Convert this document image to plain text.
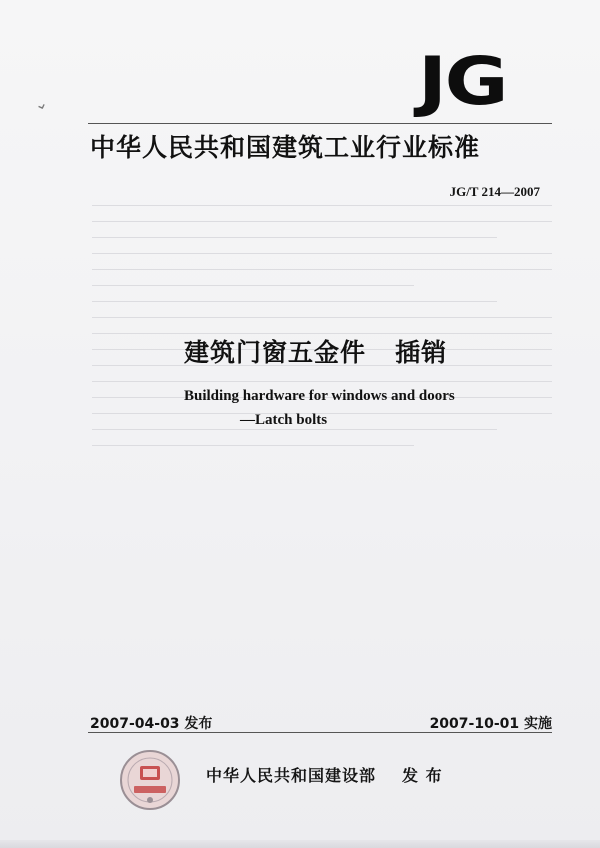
⌄	JG
中华人民共和国建筑工业行业标准
JG/T 214—2007
建筑门窗五金件   插销
Building hardware for windows and doors
—Latch bolts
2007-04-03 发布	2007-10-01 实施
中华人民共和国建设部 发 布
